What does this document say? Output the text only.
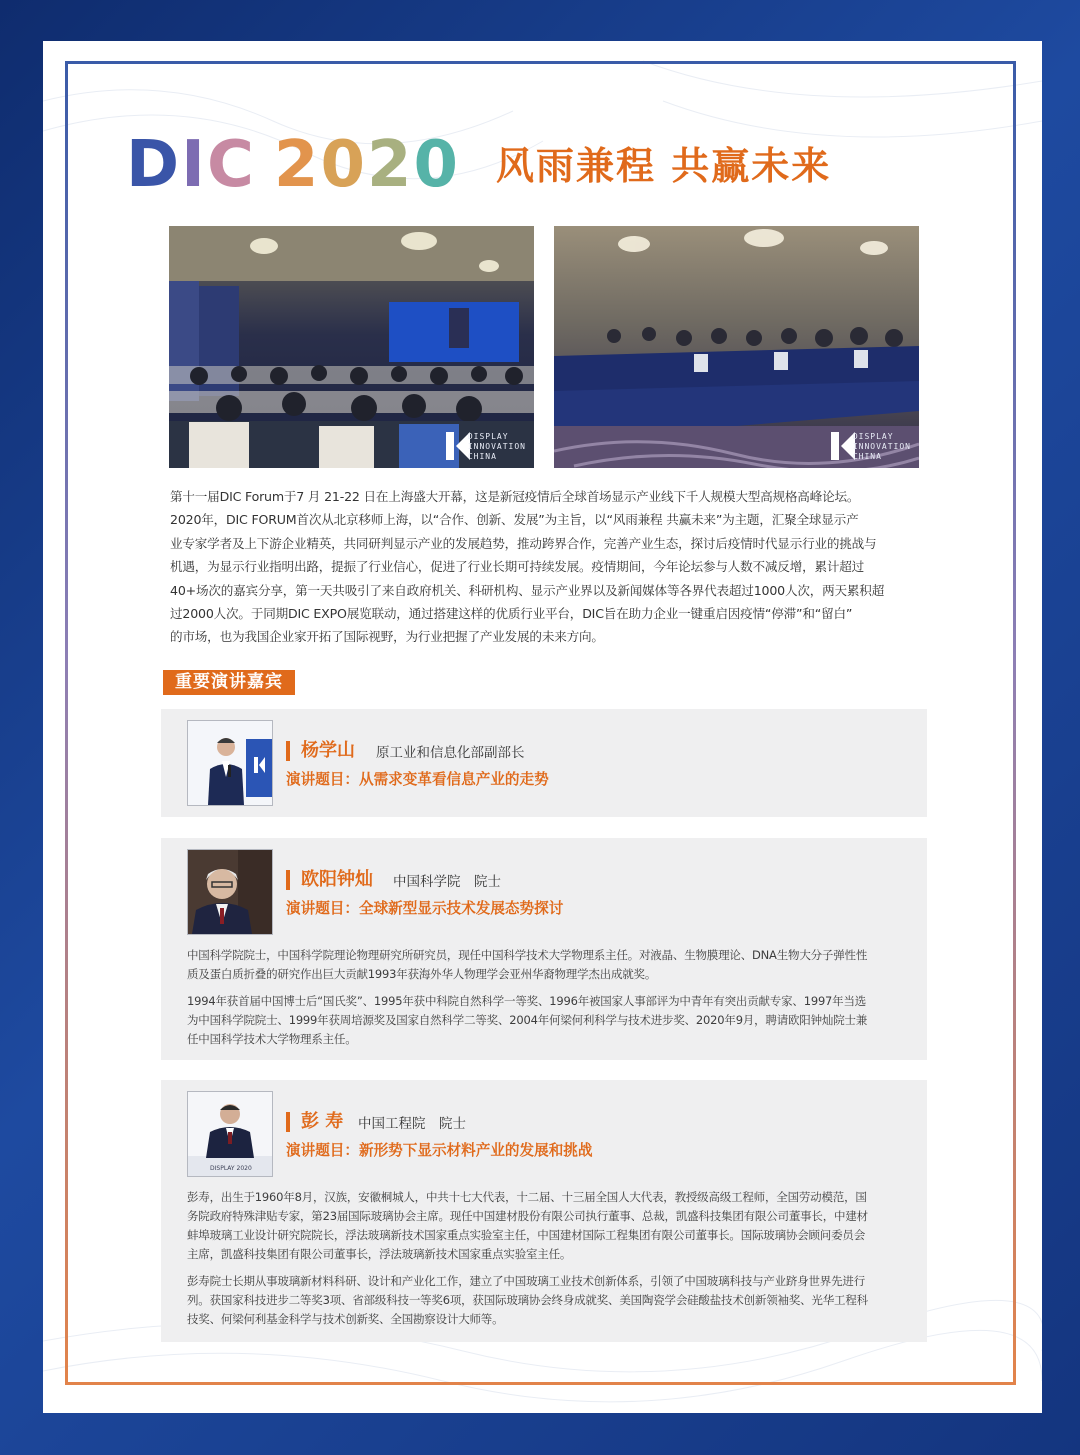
DIC 2020 风雨兼程 共赢未来
DISPLAY
INNOVATION
CHINA
DISPLAY
INNOVATION
CHINA
第十一届DIC Forum于7 月 21-22 日在上海盛大开幕，这是新冠疫情后全球首场显示产业线下千人规模大型高规格高峰论坛。
2020年，DIC FORUM首次从北京移师上海，以“合作、创新、发展”为主旨，以“风雨兼程 共赢未来”为主题，汇聚全球显示产
业专家学者及上下游企业精英，共同研判显示产业的发展趋势，推动跨界合作，完善产业生态，探讨后疫情时代显示行业的挑战与
机遇，为显示行业指明出路，提振了行业信心，促进了行业长期可持续发展。疫情期间，今年论坛参与人数不减反增，累计超过
40+场次的嘉宾分享，第一天共吸引了来自政府机关、科研机构、显示产业界以及新闻媒体等各界代表超过1000人次，两天累积超
过2000人次。于同期DIC EXPO展览联动，通过搭建这样的优质行业平台，DIC旨在助力企业一键重启因疫情“停滞”和“留白”
的市场，也为我国企业家开拓了国际视野，为行业把握了产业发展的未来方向。
重要演讲嘉宾
杨学山 原工业和信息化部副部长
演讲题目：从需求变革看信息产业的走势
欧阳钟灿 中国科学院　院士
演讲题目：全球新型显示技术发展态势探讨
中国科学院院士，中国科学院理论物理研究所研究员，现任中国科学技术大学物理系主任。对液晶、生物膜理论、DNA生物大分子弹性性
质及蛋白质折叠的研究作出巨大贡献1993年获海外华人物理学会亚州华裔物理学杰出成就奖。
1994年获首届中国博士后“国氏奖”、1995年获中科院自然科学一等奖、1996年被国家人事部评为中青年有突出贡献专家、1997年当选
为中国科学院院士、1999年获周培源奖及国家自然科学二等奖、2004年何梁何利科学与技术进步奖、2020年9月，聘请欧阳钟灿院士兼
任中国科学技术大学物理系主任。
DISPLAY 2020
彭 寿 中国工程院　院士
演讲题目：新形势下显示材料产业的发展和挑战
彭寿，出生于1960年8月，汉族，安徽桐城人，中共十七大代表，十二届、十三届全国人大代表，教授级高级工程师，全国劳动模范，国
务院政府特殊津贴专家，第23届国际玻璃协会主席。现任中国建材股份有限公司执行董事、总裁，凯盛科技集团有限公司董事长，中建材
蚌埠玻璃工业设计研究院院长，浮法玻璃新技术国家重点实验室主任，中国建材国际工程集团有限公司董事长。国际玻璃协会顾问委员会
主席，凯盛科技集团有限公司董事长，浮法玻璃新技术国家重点实验室主任。
彭寿院士长期从事玻璃新材料科研、设计和产业化工作，建立了中国玻璃工业技术创新体系，引领了中国玻璃科技与产业跻身世界先进行
列。获国家科技进步二等奖3项、省部级科技一等奖6项，获国际玻璃协会终身成就奖、美国陶瓷学会硅酸盐技术创新领袖奖、光华工程科
技奖、何梁何利基金科学与技术创新奖、全国勘察设计大师等。
